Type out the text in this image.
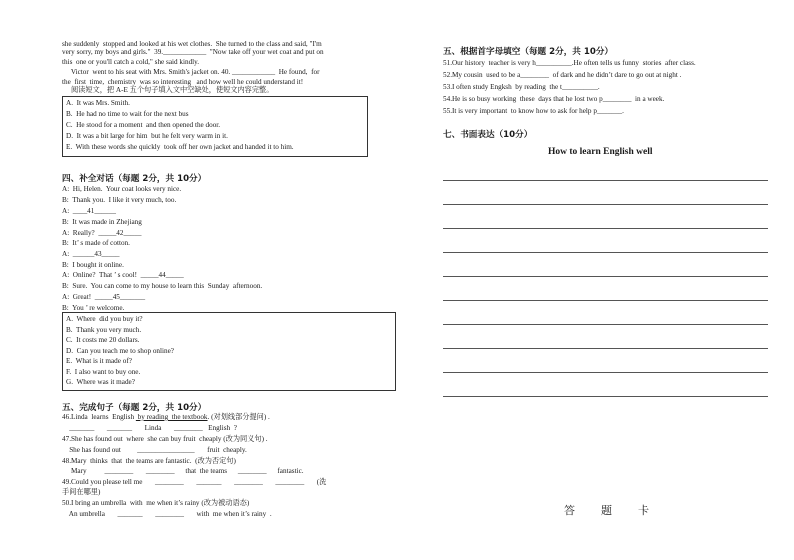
she suddenly  stopped and looked at his wet clothes.  She turned to the class and said, "I'm
very sorry, my boys and girls."  39.____________  "Now take off your wet coat and put on
this  one or you'll catch a cold," she said kindly.
Victor  went to his seat with Mrs. Smith's jacket on. 40. ____________  He found,  for
the  first  time,  chemistry  was so interesting   and how well he could understand it!
阅读短文，把 A-E 五个句子填入文中空缺处，使短文内容完整。
A.  It was Mrs. Smith.
B.  He had no time to wait for the next bus
C.  He stood for a moment  and then opened the door.
D.  It was a bit large for him  but he felt very warm in it.
E.  With these words she quickly  took off her own jacket and handed it to him.
四、补全对话（每题 2分，共 10分）
A:  Hi, Helen.  Your coat looks very nice.
B:  Thank you.  I like it very much, too.
A:  ____41______
B:  It was made in Zhejiang
A:  Really?  _____42_____
B:  It’ s made of cotton.
A:  ______43_____
B:  I bought it online.
A:  Online?  That ’ s cool!  _____44_____
B:  Sure.  You can come to my house to learn this  Sunday  afternoon.
A:  Great!  _____45_______
B:  You ’ re welcome.
A.  Where  did you buy it?
B.  Thank you very much.
C.  It costs me 20 dollars.
D.  Can you teach me to shop online?
E.  What is it made of?
F.  I also want to buy one.
G.  Where was it made?
五、完成句子（每题 2分，共 10分）
46.Linda  learns  English  by reading  the textbook. (对划线部分提问) .
_______       _______       Linda       ________   English  ?
47.She has found out  where  she can buy fruit  cheaply (改为同义句) .
She has found out         ________________       fruit  cheaply.
48.Mary  thinks  that  the teams are fantastic.  (改为否定句)
Mary          ________       ________      that  the teams      ________      fantastic.
49.Could you please tell me       ________       _______       ________       ________       (洗
手间在哪里)
50.I bring an umbrella  with  me when it’s rainy (改为被动语态)
An umbrella       _______       ________       with  me when it’s rainy  .
五、根据首字母填空（每题 2分，共 10分）
51.Our history  teacher is very h__________.He often tells us funny  stories  after class.
52.My cousin  used to be a________  of dark and he didn’t dare to go out at night .
53.I often study Engksh  by reading  the t__________.
54.He is so busy working  these  days that he lost two p________  in a week.
55.It is very important  to know how to ask for help p_______.
七、书面表达（10分）
How to learn English well
答题卡
